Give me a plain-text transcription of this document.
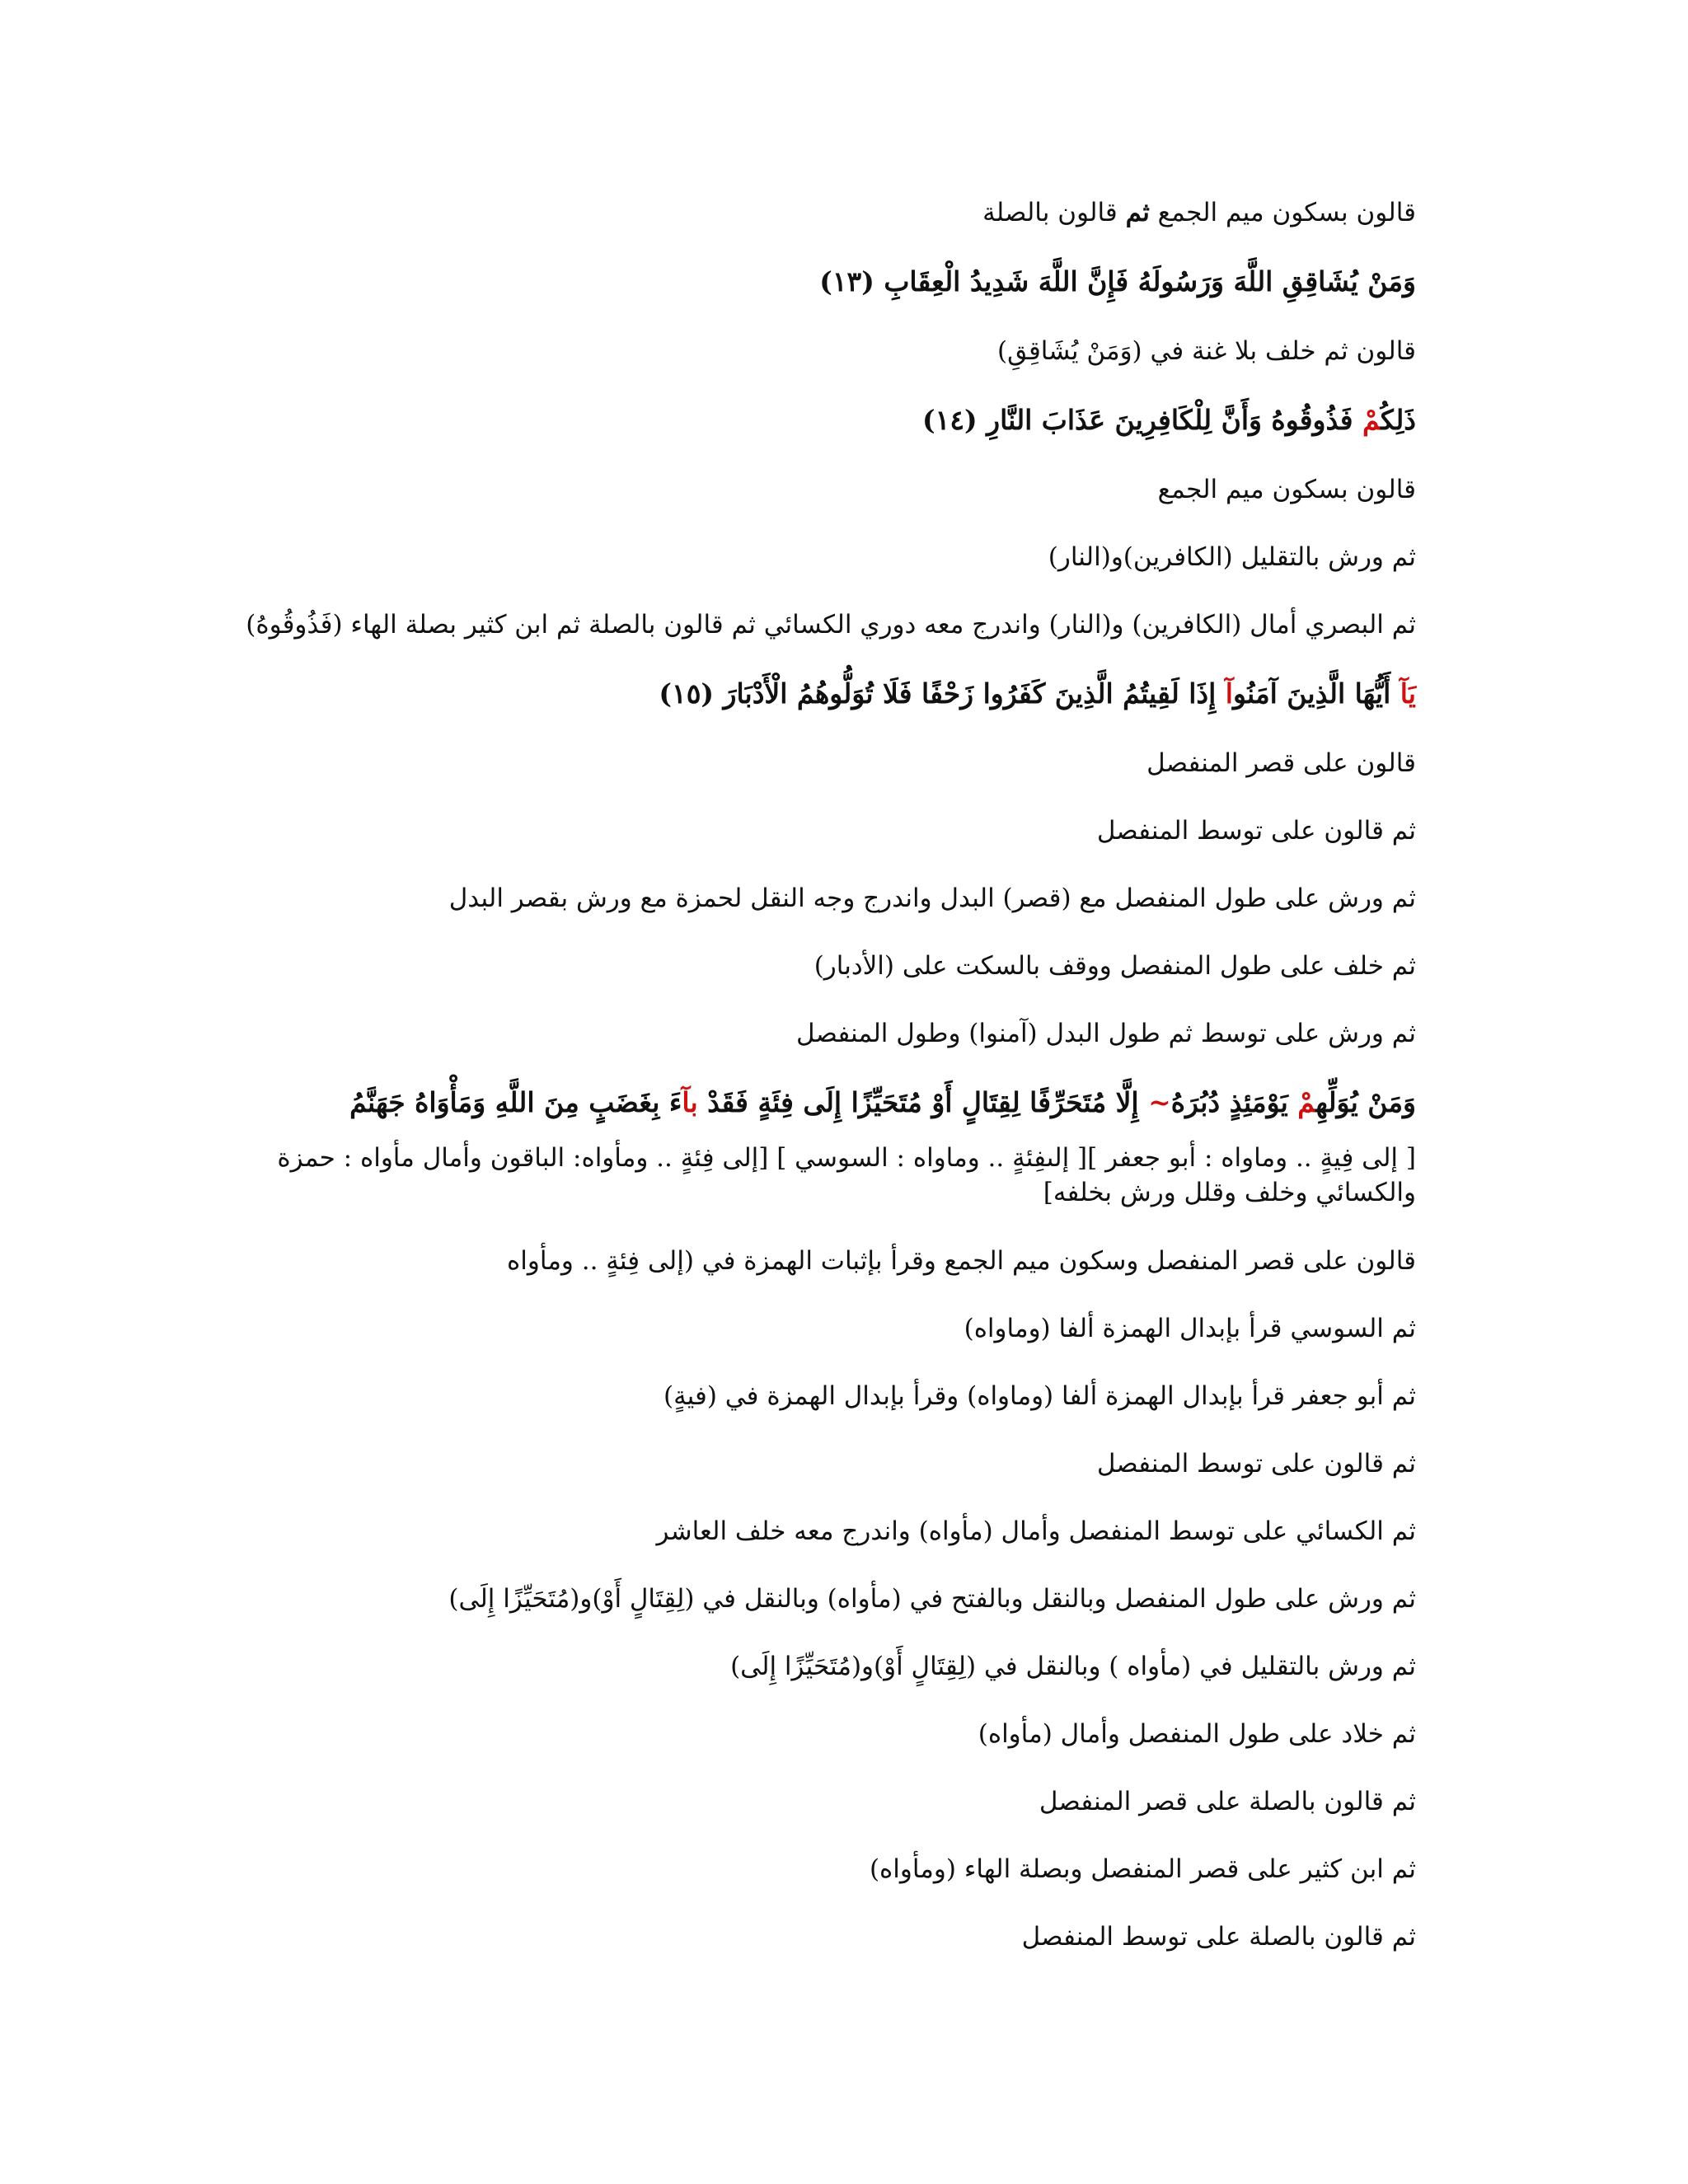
قالون بسكون ميم الجمع ثم قالون بالصلة
وَمَنْ يُشَاقِقِ اللَّهَ وَرَسُولَهُ فَإِنَّ اللَّهَ شَدِيدُ الْعِقَابِ (١٣)
قالون ثم خلف بلا غنة في (وَمَنْ يُشَاقِقِ)
ذَلِكُمْ فَذُوقُوهُ وَأَنَّ لِلْكَافِرِينَ عَذَابَ النَّارِ (١٤)
قالون بسكون ميم الجمع
ثم ورش بالتقليل (الكافرين)و(النار)
ثم البصري أمال (الكافرين) و(النار) واندرج معه دوري الكسائي ثم قالون بالصلة ثم ابن كثير بصلة الهاء (فَذُوقُوهُ)
يَآ أَيُّهَا الَّذِينَ آمَنُوآ إِذَا لَقِيتُمُ الَّذِينَ كَفَرُوا زَحْفًا فَلَا تُوَلُّوهُمُ الْأَدْبَارَ (١٥)
قالون على قصر المنفصل
ثم قالون على توسط المنفصل
ثم ورش على طول المنفصل مع (قصر) البدل واندرج وجه النقل لحمزة مع ورش بقصر البدل
ثم خلف على طول المنفصل ووقف بالسكت على (الأدبار)
ثم ورش على توسط ثم طول البدل (آمنوا) وطول المنفصل
وَمَنْ يُوَلِّهِمْ يَوْمَئِذٍ دُبُرَهُ~ إِلَّا مُتَحَرِّفًا لِقِتَالٍ أَوْ مُتَحَيِّزًا إِلَى فِئَةٍ فَقَدْ بآءَ بِغَضَبٍ مِنَ اللَّهِ وَمَأْوَاهُ جَهَنَّمُ
[ إلى فِيةٍ .. وماواه : أبو جعفر ][ إلىفِئةٍ .. وماواه : السوسي ] [إلى فِئةٍ .. ومأواه: الباقون وأمال مأواه : حمزة والكسائي وخلف وقلل ورش بخلفه]
قالون على قصر المنفصل وسكون ميم الجمع وقرأ بإثبات الهمزة في (إلى فِئةٍ .. ومأواه
ثم السوسي قرأ بإبدال الهمزة ألفا (وماواه)
ثم أبو جعفر قرأ بإبدال الهمزة ألفا (وماواه) وقرأ بإبدال الهمزة في (فيةٍ)
ثم قالون على توسط المنفصل
ثم الكسائي على توسط المنفصل وأمال (مأواه) واندرج معه خلف العاشر
ثم ورش على طول المنفصل وبالنقل وبالفتح في (مأواه) وبالنقل في (لِقِتَالٍ أَوْ)و(مُتَحَيِّزًا إِلَى)
ثم ورش بالتقليل في (مأواه ) وبالنقل في (لِقِتَالٍ أَوْ)و(مُتَحَيِّزًا إِلَى)
ثم خلاد على طول المنفصل وأمال (مأواه)
ثم قالون بالصلة على قصر المنفصل
ثم ابن كثير على قصر المنفصل وبصلة الهاء (ومأواه)
ثم قالون بالصلة على توسط المنفصل
